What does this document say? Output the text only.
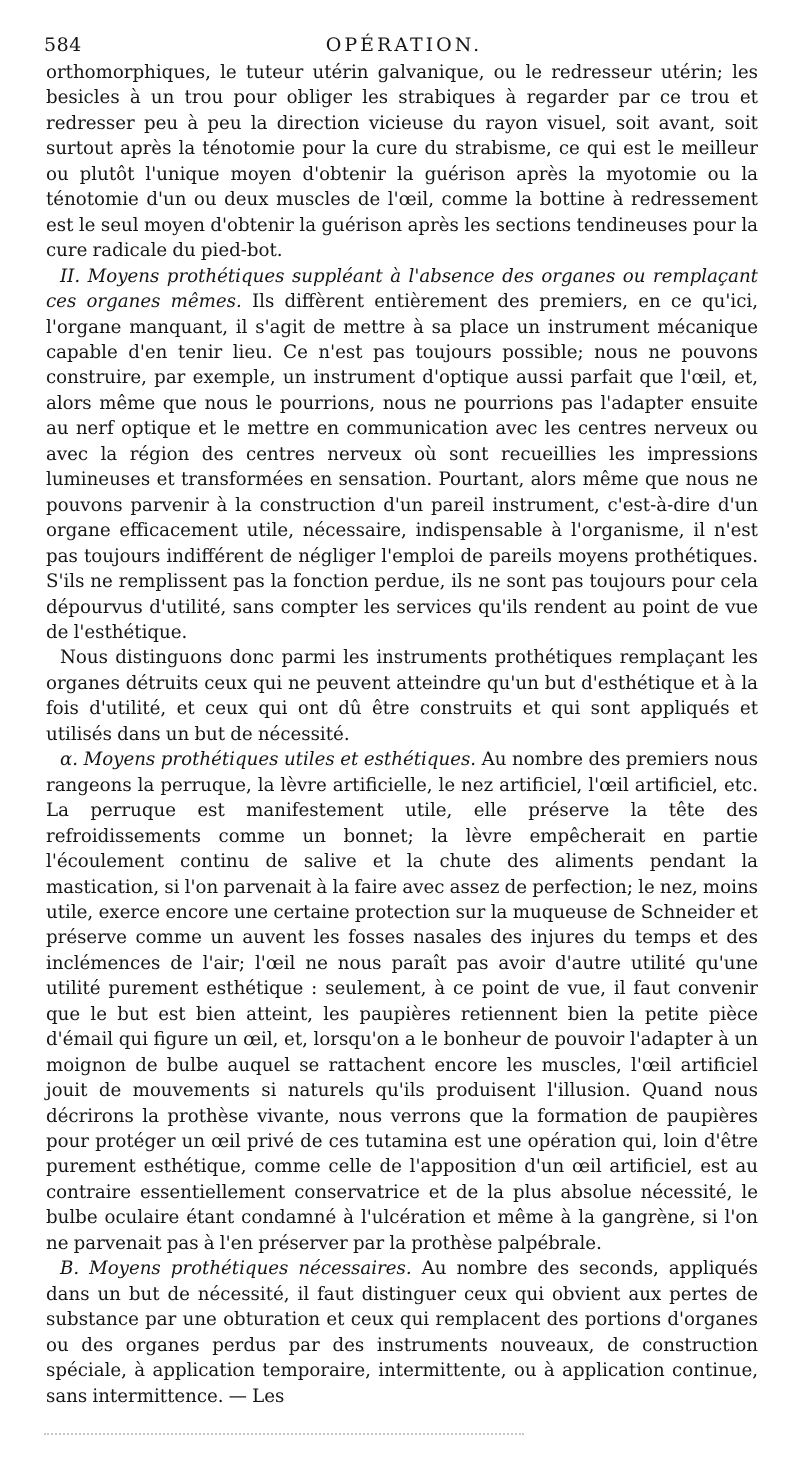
584	OPÉRATION.

orthomorphiques, le tuteur utérin galvanique, ou le redresseur utérin; les besicles à un trou pour obliger les strabiques à regarder par ce trou et redresser peu à peu la direction vicieuse du rayon visuel, soit avant, soit surtout après la ténotomie pour la cure du strabisme, ce qui est le meilleur ou plutôt l'unique moyen d'obtenir la guérison après la myotomie ou la ténotomie d'un ou deux muscles de l'œil, comme la bottine à redressement est le seul moyen d'obtenir la guérison après les sections tendineuses pour la cure radicale du pied-bot.

II. Moyens prothétiques suppléant à l'absence des organes ou remplaçant ces organes mêmes. Ils diffèrent entièrement des premiers, en ce qu'ici, l'organe manquant, il s'agit de mettre à sa place un instrument mécanique capable d'en tenir lieu. Ce n'est pas toujours possible; nous ne pouvons construire, par exemple, un instrument d'optique aussi parfait que l'œil, et, alors même que nous le pourrions, nous ne pourrions pas l'adapter ensuite au nerf optique et le mettre en communication avec les centres nerveux ou avec la région des centres nerveux où sont recueillies les impressions lumineuses et transformées en sensation. Pourtant, alors même que nous ne pouvons parvenir à la construction d'un pareil instrument, c'est-à-dire d'un organe efficacement utile, nécessaire, indispensable à l'organisme, il n'est pas toujours indifférent de négliger l'emploi de pareils moyens prothétiques. S'ils ne remplissent pas la fonction perdue, ils ne sont pas toujours pour cela dépourvus d'utilité, sans compter les services qu'ils rendent au point de vue de l'esthétique.

Nous distinguons donc parmi les instruments prothétiques remplaçant les organes détruits ceux qui ne peuvent atteindre qu'un but d'esthétique et à la fois d'utilité, et ceux qui ont dû être construits et qui sont appliqués et utilisés dans un but de nécessité.

α. Moyens prothétiques utiles et esthétiques. Au nombre des premiers nous rangeons la perruque, la lèvre artificielle, le nez artificiel, l'œil artificiel, etc. La perruque est manifestement utile, elle préserve la tête des refroidissements comme un bonnet; la lèvre empêcherait en partie l'écoulement continu de salive et la chute des aliments pendant la mastication, si l'on parvenait à la faire avec assez de perfection; le nez, moins utile, exerce encore une certaine protection sur la muqueuse de Schneider et préserve comme un auvent les fosses nasales des injures du temps et des inclémences de l'air; l'œil ne nous paraît pas avoir d'autre utilité qu'une utilité purement esthétique : seulement, à ce point de vue, il faut convenir que le but est bien atteint, les paupières retiennent bien la petite pièce d'émail qui figure un œil, et, lorsqu'on a le bonheur de pouvoir l'adapter à un moignon de bulbe auquel se rattachent encore les muscles, l'œil artificiel jouit de mouvements si naturels qu'ils produisent l'illusion. Quand nous décrirons la prothèse vivante, nous verrons que la formation de paupières pour protéger un œil privé de ces tutamina est une opération qui, loin d'être purement esthétique, comme celle de l'apposition d'un œil artificiel, est au contraire essentiellement conservatrice et de la plus absolue nécessité, le bulbe oculaire étant condamné à l'ulcération et même à la gangrène, si l'on ne parvenait pas à l'en préserver par la prothèse palpébrale.

B. Moyens prothétiques nécessaires. Au nombre des seconds, appliqués dans un but de nécessité, il faut distinguer ceux qui obvient aux pertes de substance par une obturation et ceux qui remplacent des portions d'organes ou des organes perdus par des instruments nouveaux, de construction spéciale, à application temporaire, intermittente, ou à application continue, sans intermittence. — Les
